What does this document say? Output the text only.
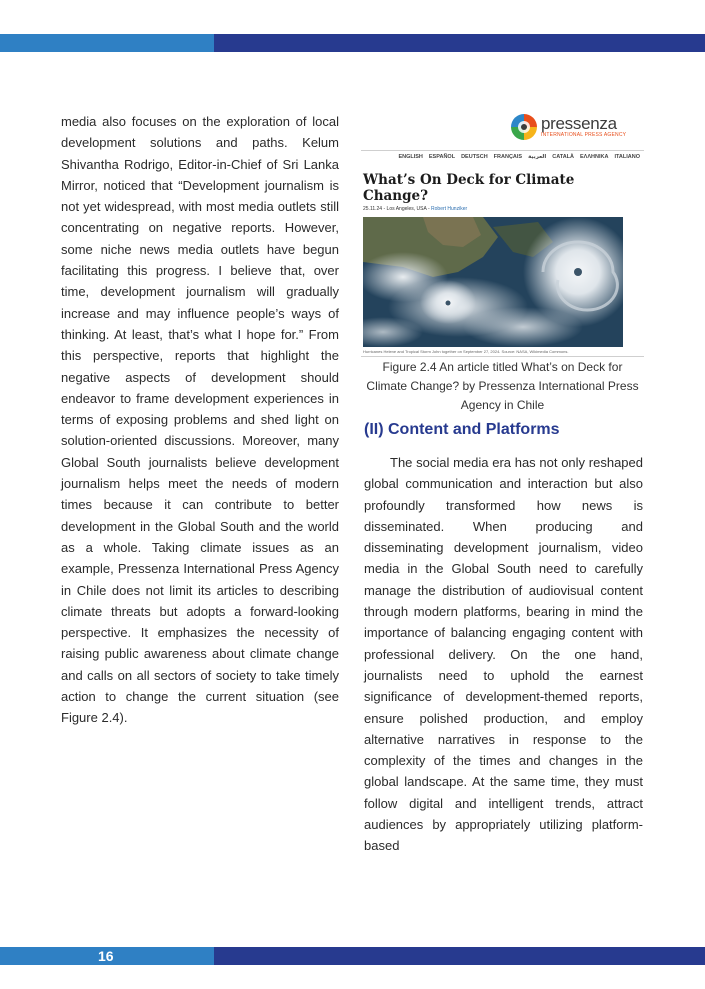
media also focuses on the exploration of local development solutions and paths. Kelum Shivantha Rodrigo, Editor-in-Chief of Sri Lanka Mirror, noticed that “Development journalism is not yet widespread, with most media outlets still concentrating on negative reports. However, some niche news media outlets have begun facilitating this progress. I believe that, over time, development journalism will gradually increase and may influence people’s ways of thinking. At least, that’s what I hope for.” From this perspective, reports that highlight the negative aspects of development should endeavor to frame development experiences in terms of exposing problems and shed light on solution-oriented discussions. Moreover, many Global South journalists believe development journalism helps meet the needs of modern times because it can contribute to better development in the Global South and the world as a whole. Taking climate issues as an example, Pressenza International Press Agency in Chile does not limit its articles to describing climate threats but adopts a forward-looking perspective. It emphasizes the necessity of raising public awareness about climate change and calls on all sectors of society to take timely action to change the current situation (see Figure 2.4).

pressenza
INTERNATIONAL PRESS AGENCY
ENGLISH ESPAÑOL DEUTSCH FRANÇAIS العربية CATALÀ ΕΛΛΗΝΙΚΑ ITALIANO
What’s On Deck for Climate Change?
25.11.24 - Los Angeles, USA - Robert Hunziker
Hurricanes Helene and Tropical Storm John together on September 27, 2024. Source: NASA, Wikimedia Commons.
Figure 2.4 An article titled What’s on Deck for Climate Change? by Pressenza International Press Agency in Chile
(II) Content and Platforms

The social media era has not only reshaped global communication and interaction but also profoundly transformed how news is disseminated. When producing and disseminating development journalism, video media in the Global South need to carefully manage the distribution of audiovisual content through modern platforms, bearing in mind the importance of balancing engaging content with professional delivery. On the one hand, journalists need to uphold the earnest significance of development-themed reports, ensure polished production, and employ alternative narratives in response to the complexity of the times and changes in the global landscape. At the same time, they must follow digital and intelligent trends, attract audiences by appropriately utilizing platform-based

16
